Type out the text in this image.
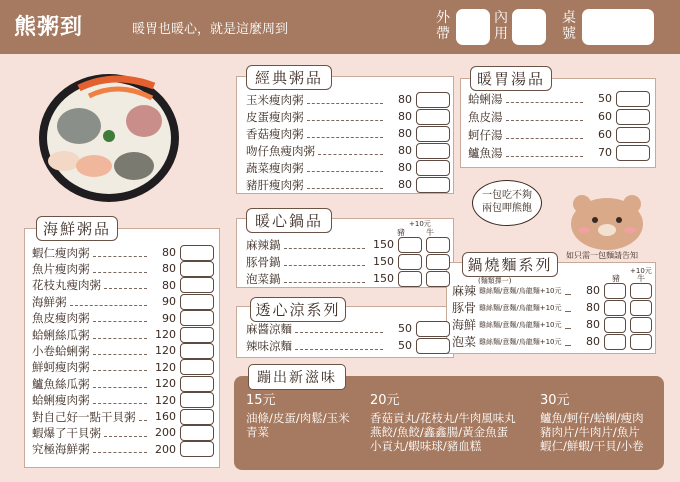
熊粥到	暖胃也暖心，就是這麼周到
外帶
內用
桌號
海鮮粥品
經典粥品	暖胃湯品
一包吃不夠
兩包呷熊飽
如只需一包麵請告知
暖心鍋品	+10元
豬	牛
透心涼系列
鍋燒麵系列
(麵類擇一)
+10元
豬 牛
蹦出新滋味
15元
油條/皮蛋/肉鬆/玉米
青菜
20元
香菇貢丸/花枝丸/牛肉風味丸
燕餃/魚餃/鑫鑫腸/黃金魚蛋
小貢丸/蝦味球/豬血糕
30元
鱸魚/蚵仔/蛤蜊/瘦肉
豬肉片/牛肉片/魚片
蝦仁/鮮蝦/干貝/小卷
蝦仁瘦肉粥	80
魚片瘦肉粥	80
花枝丸瘦肉粥	80
海鮮粥	90
魚皮瘦肉粥	90
蛤蜊絲瓜粥	120
小卷蛤蜊粥	120
鮮蚵瘦肉粥	120
鱸魚絲瓜粥	120
蛤蜊瘦肉粥	120
對自己好一點干貝粥	160
蝦爆了干貝粥	200
究極海鮮粥	200
玉米瘦肉粥	80
皮蛋瘦肉粥	80
香菇瘦肉粥	80
吻仔魚瘦肉粥	80
蔬菜瘦肉粥	80
豬肝瘦肉粥	80
蛤蜊湯	50
魚皮湯	60
蚵仔湯	60
鱸魚湯	70
麻辣鍋	150
豚骨鍋	150
泡菜鍋	150
麻醬涼麵	50
辣味涼麵	50
麻辣 雞絲麵/意麵/烏龍麵+10元	80
豚骨 雞絲麵/意麵/烏龍麵+10元	80
海鮮 雞絲麵/意麵/烏龍麵+10元	80
泡菜 雞絲麵/意麵/烏龍麵+10元	80
